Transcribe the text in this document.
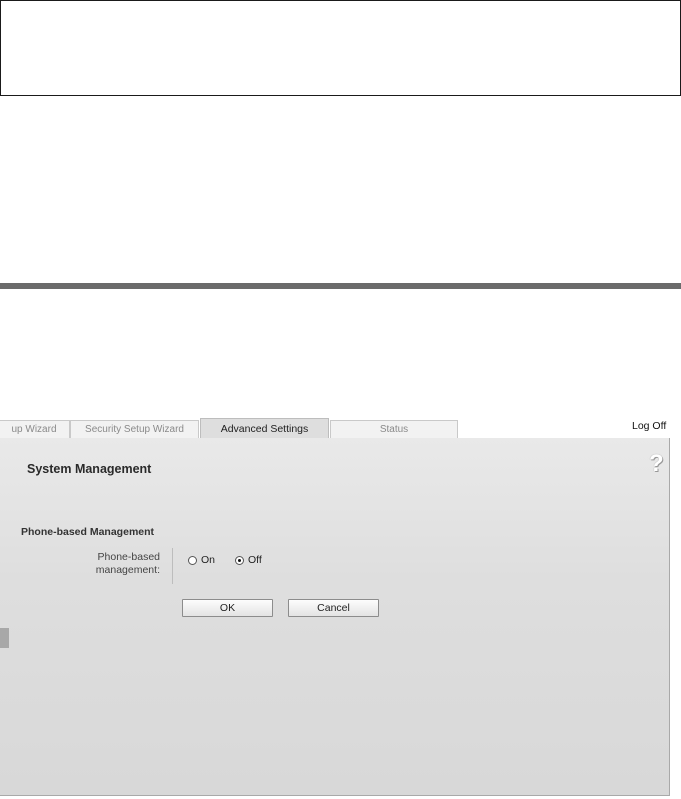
up Wizard	Security Setup Wizard	Advanced Settings	Status	Log Off
?
System Management
Phone-based Management
Phone-based
management:
On	Off
OK	Cancel
